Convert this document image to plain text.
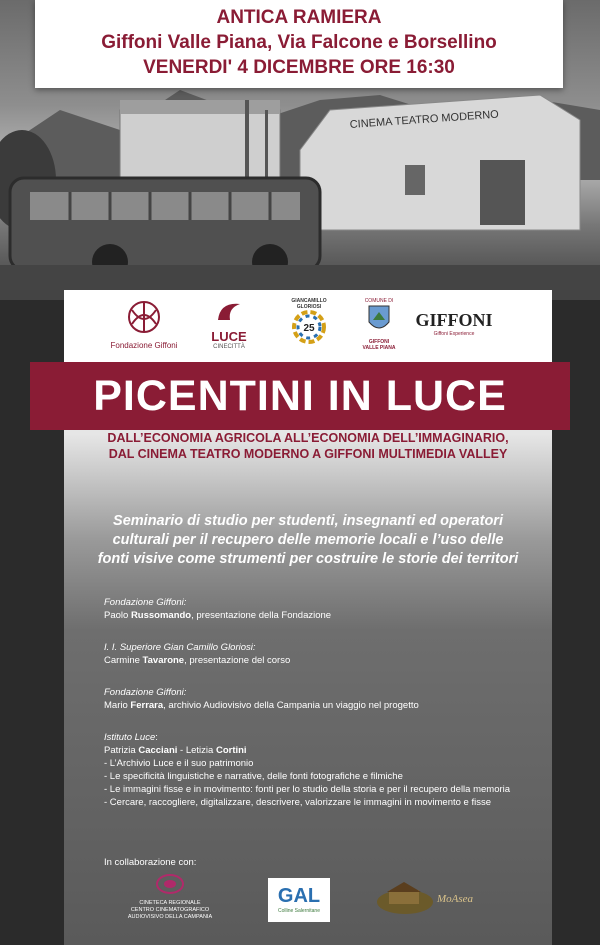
CINEMA TEATRO MODERNO
ANTICA RAMIERA
Giffoni Valle Piana, Via Falcone e Borsellino
VENERDI' 4 DICEMBRE ORE 16:30
Fondazione Giffoni
LUCE
CINECITTÀ
GIANCAMILLO GLORIOSI
25
COMUNE DI
GIFFONI
VALLE PIANA
GIFFONI
Giffoni Experience
PICENTINI IN LUCE
DALL’ECONOMIA AGRICOLA ALL’ECONOMIA DELL’IMMAGINARIO,
DAL CINEMA TEATRO MODERNO A GIFFONI MULTIMEDIA VALLEY
Seminario di studio per studenti, insegnanti ed operatori
culturali per il recupero delle memorie locali e l’uso delle
fonti visive come strumenti per costruire le storie dei territori
Fondazione Giffoni:
Paolo Russomando, presentazione della Fondazione
I. I. Superiore Gian Camillo Gloriosi:
Carmine Tavarone, presentazione del corso
Fondazione Giffoni:
Mario Ferrara, archivio Audiovisivo della Campania un viaggio nel progetto
Istituto Luce:
Patrizia Cacciani - Letizia Cortini
- L’Archivio Luce e il suo patrimonio
- Le specificità linguistiche e narrative, delle fonti fotografiche e filmiche
- Le immagini fisse e in movimento: fonti per lo studio della storia e per il recupero della memoria
- Cercare, raccogliere, digitalizzare, descrivere, valorizzare le immagini in movimento e fisse
In collaborazione con:
CINETECA REGIONALE
CENTRO CINEMATOGRAFICO
AUDIOVISIVO DELLA CAMPANIA
GAL
Colline Salernitane
MoAsea
